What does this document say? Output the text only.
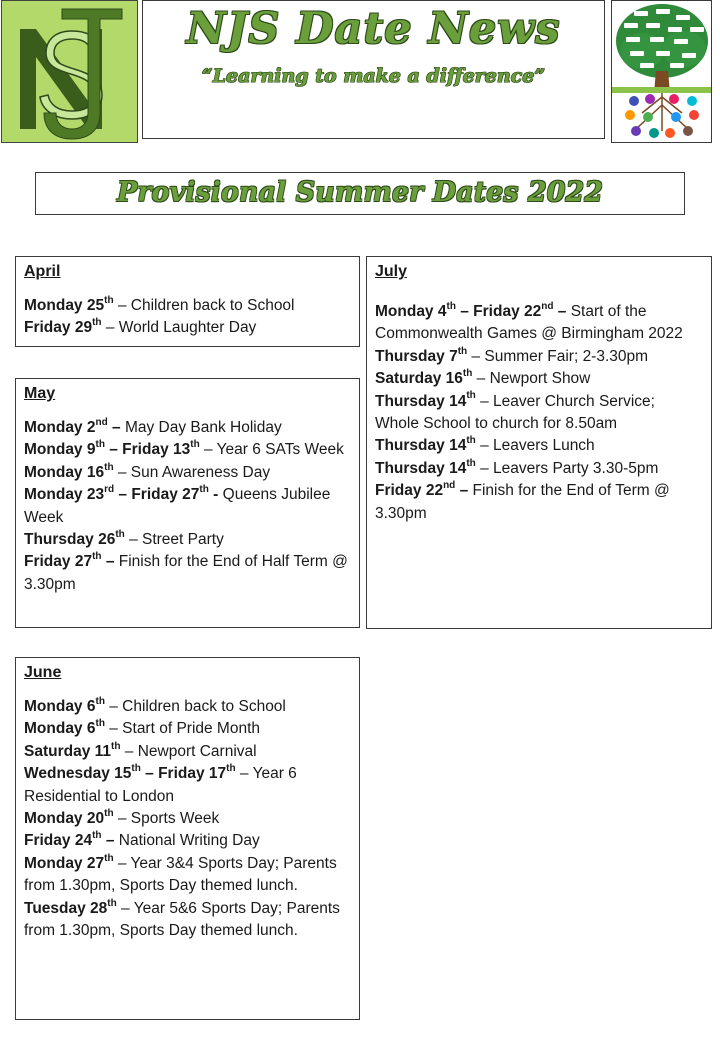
NJS Date News
“Learning to make a difference”
Provisional Summer Dates 2022
April
Monday 25th – Children back to School
Friday 29th – World Laughter Day
May
Monday 2nd – May Day Bank Holiday
Monday 9th – Friday 13th – Year 6 SATs Week
Monday 16th – Sun Awareness Day
Monday 23rd – Friday 27th - Queens Jubilee Week
Thursday 26th – Street Party
Friday 27th – Finish for the End of Half Term @ 3.30pm
June
Monday 6th – Children back to School
Monday 6th – Start of Pride Month
Saturday 11th – Newport Carnival
Wednesday 15th – Friday 17th – Year 6 Residential to London
Monday 20th – Sports Week
Friday 24th – National Writing Day
Monday 27th – Year 3&4 Sports Day; Parents from 1.30pm, Sports Day themed lunch.
Tuesday 28th – Year 5&6 Sports Day; Parents from 1.30pm, Sports Day themed lunch.
July
Monday 4th – Friday 22nd – Start of the Commonwealth Games @ Birmingham 2022
Thursday 7th – Summer Fair; 2-3.30pm
Saturday 16th – Newport Show
Thursday 14th – Leaver Church Service; Whole School to church for 8.50am
Thursday 14th – Leavers Lunch
Thursday 14th – Leavers Party 3.30-5pm
Friday 22nd – Finish for the End of Term @ 3.30pm
